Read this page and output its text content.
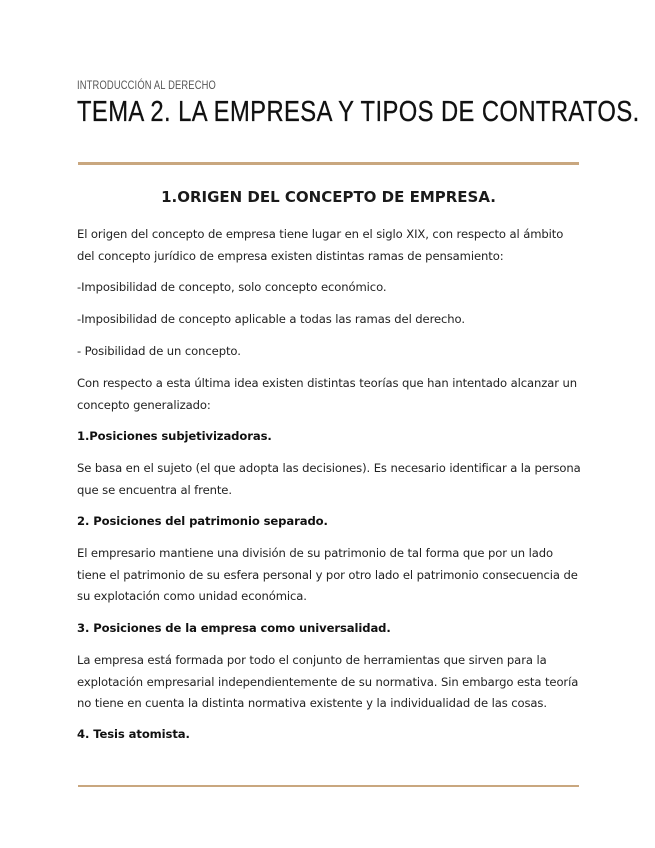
INTRODUCCIÓN AL DERECHO
TEMA 2. LA EMPRESA Y TIPOS DE CONTRATOS.
1.ORIGEN DEL CONCEPTO DE EMPRESA.
El origen del concepto de empresa tiene lugar en el siglo XIX, con respecto al ámbito del concepto jurídico de empresa existen distintas ramas de pensamiento:
-Imposibilidad de concepto, solo concepto económico.
-Imposibilidad de concepto aplicable a todas las ramas del derecho.
- Posibilidad de un concepto.
Con respecto a esta última idea existen distintas teorías que han intentado alcanzar un concepto generalizado:
1.Posiciones subjetivizadoras.
Se basa en el sujeto (el que adopta las decisiones). Es necesario identificar a la persona que se encuentra al frente.
2. Posiciones del patrimonio separado.
El empresario mantiene una división de su patrimonio de tal forma que por un lado tiene el patrimonio de su esfera personal y por otro lado el patrimonio consecuencia de su explotación como unidad económica.
3. Posiciones de la empresa como universalidad.
La empresa está formada por todo el conjunto de herramientas que sirven para la explotación empresarial independientemente de su normativa. Sin embargo esta teoría no tiene en cuenta la distinta normativa existente y la individualidad de las cosas.
4. Tesis atomista.
